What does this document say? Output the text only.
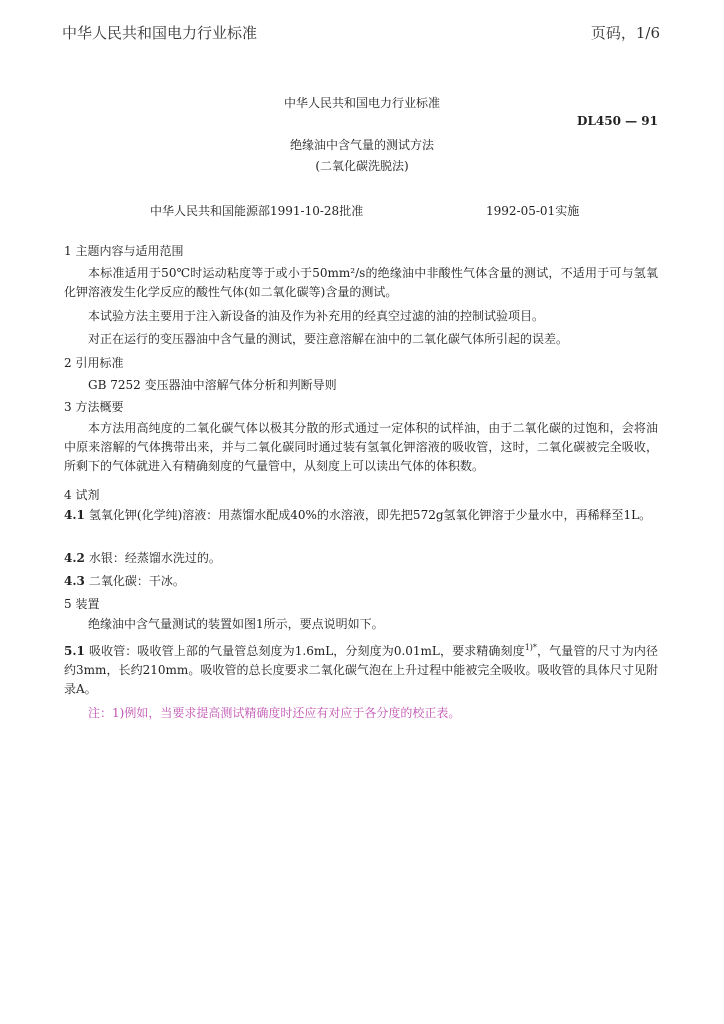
中华人民共和国电力行业标准	页码，1/6
中华人民共和国电力行业标准
DL450 — 91
绝缘油中含气量的测试方法
(二氧化碳洗脱法)
中华人民共和国能源部1991-10-28批准	1992-05-01实施
1 主题内容与适用范围
本标准适用于50℃时运动粘度等于或小于50mm²/s的绝缘油中非酸性气体含量的测试，不适用于可与氢氧化钾溶液发生化学反应的酸性气体(如二氧化碳等)含量的测试。
本试验方法主要用于注入新设备的油及作为补充用的经真空过滤的油的控制试验项目。
对正在运行的变压器油中含气量的测试，要注意溶解在油中的二氧化碳气体所引起的误差。
2 引用标准
GB 7252 变压器油中溶解气体分析和判断导则
3 方法概要
本方法用高纯度的二氧化碳气体以极其分散的形式通过一定体积的试样油，由于二氧化碳的过饱和，会将油中原来溶解的气体携带出来，并与二氧化碳同时通过装有氢氧化钾溶液的吸收管，这时，二氧化碳被完全吸收，所剩下的气体就进入有精确刻度的气量管中，从刻度上可以读出气体的体积数。
4 试剂
4.1 氢氧化钾(化学纯)溶液：用蒸馏水配成40%的水溶液，即先把572g氢氧化钾溶于少量水中，再稀释至1L。
4.2 水银：经蒸馏水洗过的。
4.3 二氧化碳：干冰。
5 装置
绝缘油中含气量测试的装置如图1所示，要点说明如下。
5.1 吸收管：吸收管上部的气量管总刻度为1.6mL，分刻度为0.01mL，要求精确刻度$^{1)*}$，气量管的尺寸为内径约3mm，长约210mm。吸收管的总长度要求二氧化碳气泡在上升过程中能被完全吸收。吸收管的具体尺寸见附录A。
注：1)例如，当要求提高测试精确度时还应有对应于各分度的校正表。
